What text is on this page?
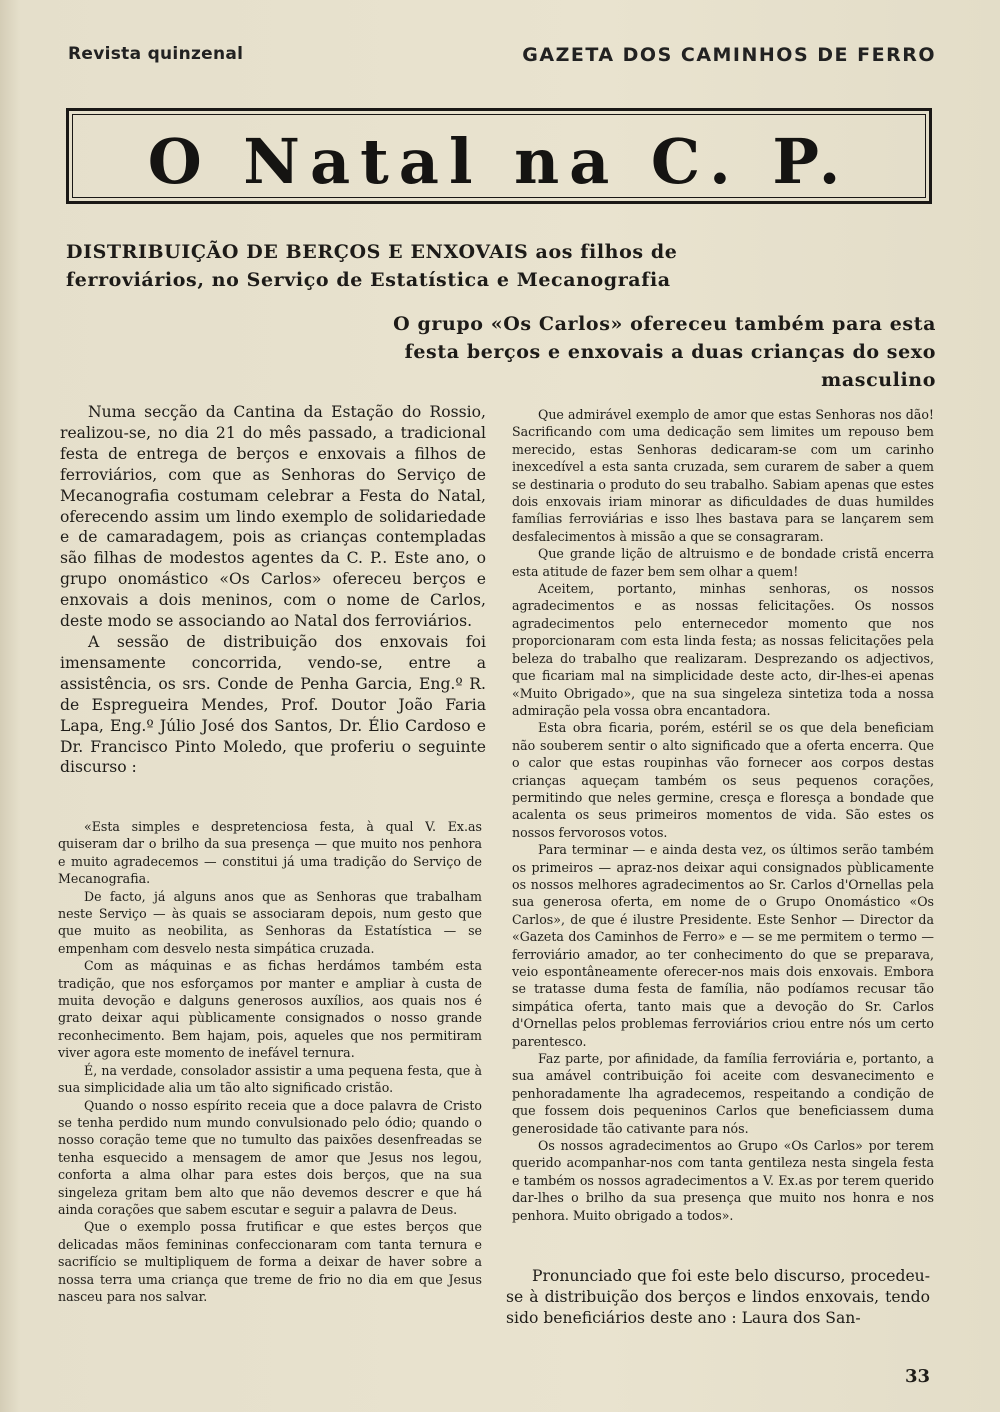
Revista quinzenal	GAZETA DOS CAMINHOS DE FERRO
O Natal na C. P.
DISTRIBUIÇÃO DE BERÇOS E ENXOVAIS aos filhos de ferroviários, no Serviço de Estatística e Mecanografia
O grupo «Os Carlos» ofereceu também para esta festa berços e enxovais a duas crianças do sexo masculino

Numa secção da Cantina da Estação do Rossio, realizou-se, no dia 21 do mês passado, a tradicional festa de entrega de berços e enxovais a filhos de ferroviários, com que as Senhoras do Serviço de Mecanografia costumam celebrar a Festa do Natal, oferecendo assim um lindo exemplo de solidariedade e de camaradagem, pois as crianças contempladas são filhas de modestos agentes da C. P.. Este ano, o grupo onomástico «Os Carlos» ofereceu berços e enxovais a dois meninos, com o nome de Carlos, deste modo se associando ao Natal dos ferroviários.

A sessão de distribuição dos enxovais foi imensamente concorrida, vendo-se, entre a assistência, os srs. Conde de Penha Garcia, Eng.º R. de Espregueira Mendes, Prof. Doutor João Faria Lapa, Eng.º Júlio José dos Santos, Dr. Élio Cardoso e Dr. Francisco Pinto Moledo, que proferiu o seguinte discurso :

«Esta simples e despretenciosa festa, à qual V. Ex.as quiseram dar o brilho da sua presença — que muito nos penhora e muito agradecemos — constitui já uma tradição do Serviço de Mecanografia.

De facto, já alguns anos que as Senhoras que trabalham neste Serviço — às quais se associaram depois, num gesto que que muito as neobilita, as Senhoras da Estatística — se empenham com desvelo nesta simpática cruzada.

Com as máquinas e as fichas herdámos também esta tradição, que nos esforçamos por manter e ampliar à custa de muita devoção e dalguns generosos auxílios, aos quais nos é grato deixar aqui pùblicamente consignados o nosso grande reconhecimento. Bem hajam, pois, aqueles que nos permitiram viver agora este momento de inefável ternura.

É, na verdade, consolador assistir a uma pequena festa, que à sua simplicidade alia um tão alto significado cristão.

Quando o nosso espírito receia que a doce palavra de Cristo se tenha perdido num mundo convulsionado pelo ódio; quando o nosso coração teme que no tumulto das paixões desenfreadas se tenha esquecido a mensagem de amor que Jesus nos legou, conforta a alma olhar para estes dois berços, que na sua singeleza gritam bem alto que não devemos descrer e que há ainda corações que sabem escutar e seguir a palavra de Deus.

Que o exemplo possa frutificar e que estes berços que delicadas mãos femininas confeccionaram com tanta ternura e sacrifício se multipliquem de forma a deixar de haver sobre a nossa terra uma criança que treme de frio no dia em que Jesus nasceu para nos salvar.

Que admirável exemplo de amor que estas Senhoras nos dão! Sacrificando com uma dedicação sem limites um repouso bem merecido, estas Senhoras dedicaram-se com um carinho inexcedível a esta santa cruzada, sem curarem de saber a quem se destinaria o produto do seu trabalho. Sabiam apenas que estes dois enxovais iriam minorar as dificuldades de duas humildes famílias ferroviárias e isso lhes bastava para se lançarem sem desfalecimentos à missão a que se consagraram.

Que grande lição de altruismo e de bondade cristã encerra esta atitude de fazer bem sem olhar a quem!

Aceitem, portanto, minhas senhoras, os nossos agradecimentos e as nossas felicitações. Os nossos agradecimentos pelo enternecedor momento que nos proporcionaram com esta linda festa; as nossas felicitações pela beleza do trabalho que realizaram. Desprezando os adjectivos, que ficariam mal na simplicidade deste acto, dir-lhes-ei apenas «Muito Obrigado», que na sua singeleza sintetiza toda a nossa admiração pela vossa obra encantadora.

Esta obra ficaria, porém, estéril se os que dela beneficiam não souberem sentir o alto significado que a oferta encerra. Que o calor que estas roupinhas vão fornecer aos corpos destas crianças aqueçam também os seus pequenos corações, permitindo que neles germine, cresça e floresça a bondade que acalenta os seus primeiros momentos de vida. São estes os nossos fervorosos votos.

Para terminar — e ainda desta vez, os últimos serão também os primeiros — apraz-nos deixar aqui consignados pùblicamente os nossos melhores agradecimentos ao Sr. Carlos d'Ornellas pela sua generosa oferta, em nome de o Grupo Onomástico «Os Carlos», de que é ilustre Presidente. Este Senhor — Director da «Gazeta dos Caminhos de Ferro» e — se me permitem o termo — ferroviário amador, ao ter conhecimento do que se preparava, veio espontâneamente oferecer-nos mais dois enxovais. Embora se tratasse duma festa de família, não podíamos recusar tão simpática oferta, tanto mais que a devoção do Sr. Carlos d'Ornellas pelos problemas ferroviários criou entre nós um certo parentesco.

Faz parte, por afinidade, da família ferroviária e, portanto, a sua amável contribuição foi aceite com desvanecimento e penhoradamente lha agradecemos, respeitando a condição de que fossem dois pequeninos Carlos que beneficiassem duma generosidade tão cativante para nós.

Os nossos agradecimentos ao Grupo «Os Carlos» por terem querido acompanhar-nos com tanta gentileza nesta singela festa e também os nossos agradecimentos a V. Ex.as por terem querido dar-lhes o brilho da sua presença que muito nos honra e nos penhora. Muito obrigado a todos».

Pronunciado que foi este belo discurso, procedeu-se à distribuição dos berços e lindos enxovais, tendo sido beneficiários deste ano : Laura dos San-

33
